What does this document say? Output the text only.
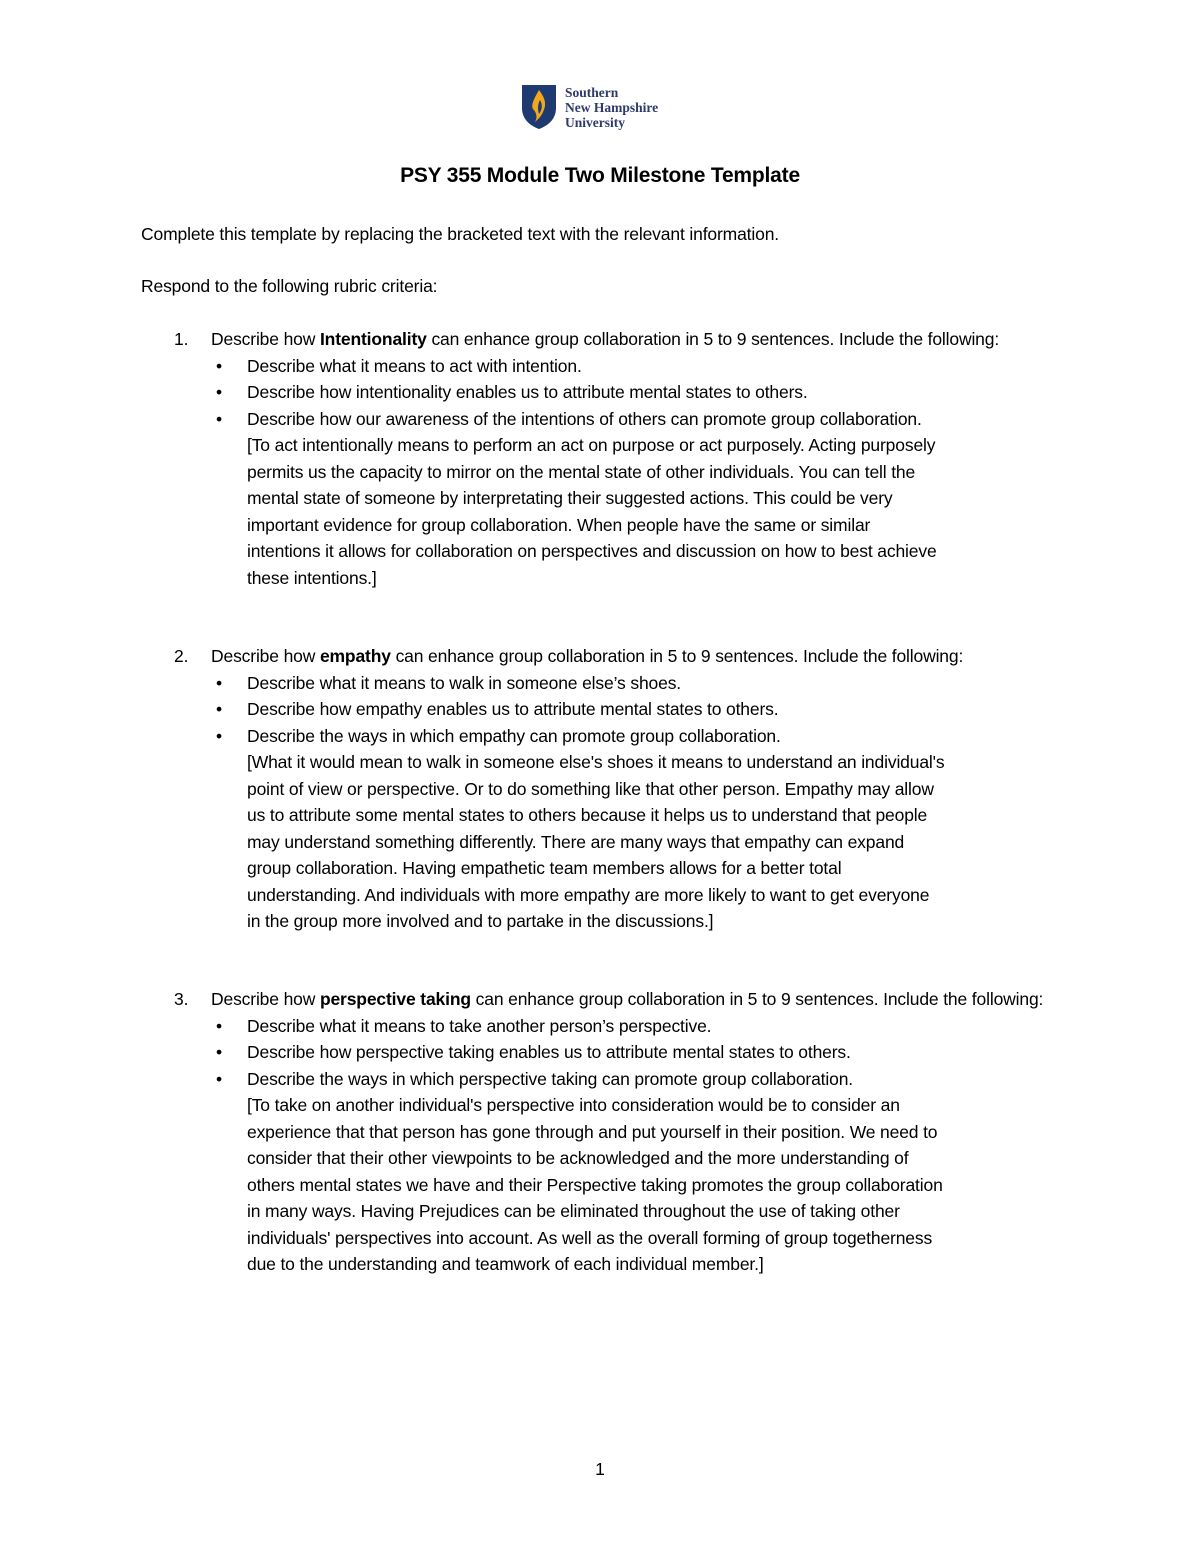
Southern
New Hampshire
University
PSY 355 Module Two Milestone Template
Complete this template by replacing the bracketed text with the relevant information.
Respond to the following rubric criteria:
1. Describe how Intentionality can enhance group collaboration in 5 to 9 sentences. Include the following:
• Describe what it means to act with intention.
• Describe how intentionality enables us to attribute mental states to others.
• Describe how our awareness of the intentions of others can promote group collaboration.
[To act intentionally means to perform an act on purpose or act purposely. Acting purposely
permits us the capacity to mirror on the mental state of other individuals. You can tell the
mental state of someone by interpretating their suggested actions. This could be very
important evidence for group collaboration. When people have the same or similar
intentions it allows for collaboration on perspectives and discussion on how to best achieve
these intentions.]
2. Describe how empathy can enhance group collaboration in 5 to 9 sentences. Include the following:
• Describe what it means to walk in someone else’s shoes.
• Describe how empathy enables us to attribute mental states to others.
• Describe the ways in which empathy can promote group collaboration.
[What it would mean to walk in someone else's shoes it means to understand an individual's
point of view or perspective. Or to do something like that other person. Empathy may allow
us to attribute some mental states to others because it helps us to understand that people
may understand something differently. There are many ways that empathy can expand
group collaboration. Having empathetic team members allows for a better total
understanding. And individuals with more empathy are more likely to want to get everyone
in the group more involved and to partake in the discussions.]
3. Describe how perspective taking can enhance group collaboration in 5 to 9 sentences. Include the following:
• Describe what it means to take another person’s perspective.
• Describe how perspective taking enables us to attribute mental states to others.
• Describe the ways in which perspective taking can promote group collaboration.
[To take on another individual's perspective into consideration would be to consider an
experience that that person has gone through and put yourself in their position. We need to
consider that their other viewpoints to be acknowledged and the more understanding of
others mental states we have and their Perspective taking promotes the group collaboration
in many ways. Having Prejudices can be eliminated throughout the use of taking other
individuals' perspectives into account. As well as the overall forming of group togetherness
due to the understanding and teamwork of each individual member.]
1
